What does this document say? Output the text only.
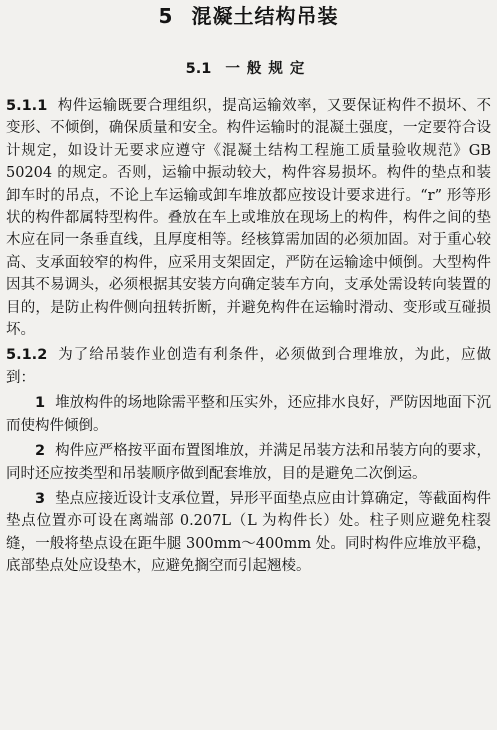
5 混凝土结构吊装
5.1 一般规定

5.1.1 构件运输既要合理组织，提高运输效率，又要保证构件不损坏、不变形、不倾倒，确保质量和安全。构件运输时的混凝土强度，一定要符合设计规定，如设计无要求应遵守《混凝土结构工程施工质量验收规范》GB 50204 的规定。否则，运输中振动较大，构件容易损坏。构件的垫点和装卸车时的吊点，不论上车运输或卸车堆放都应按设计要求进行。“r” 形等形状的构件都属特型构件。叠放在车上或堆放在现场上的构件，构件之间的垫木应在同一条垂直线，且厚度相等。经核算需加固的必须加固。对于重心较高、支承面较窄的构件，应采用支架固定，严防在运输途中倾倒。大型构件因其不易调头，必须根据其安装方向确定装车方向，支承处需设转向装置的目的，是防止构件侧向扭转折断，并避免构件在运输时滑动、变形或互碰损坏。

5.1.2 为了给吊装作业创造有利条件，必须做到合理堆放，为此，应做到：

1 堆放构件的场地除需平整和压实外，还应排水良好，严防因地面下沉而使构件倾倒。

2 构件应严格按平面布置图堆放，并满足吊装方法和吊装方向的要求，同时还应按类型和吊装顺序做到配套堆放，目的是避免二次倒运。

3 垫点应接近设计支承位置，异形平面垫点应由计算确定，等截面构件垫点位置亦可设在离端部 0.207L（L 为构件长）处。柱子则应避免柱裂缝，一般将垫点设在距牛腿 300mm～400mm 处。同时构件应堆放平稳，底部垫点处应设垫木，应避免搁空而引起翘棱。
